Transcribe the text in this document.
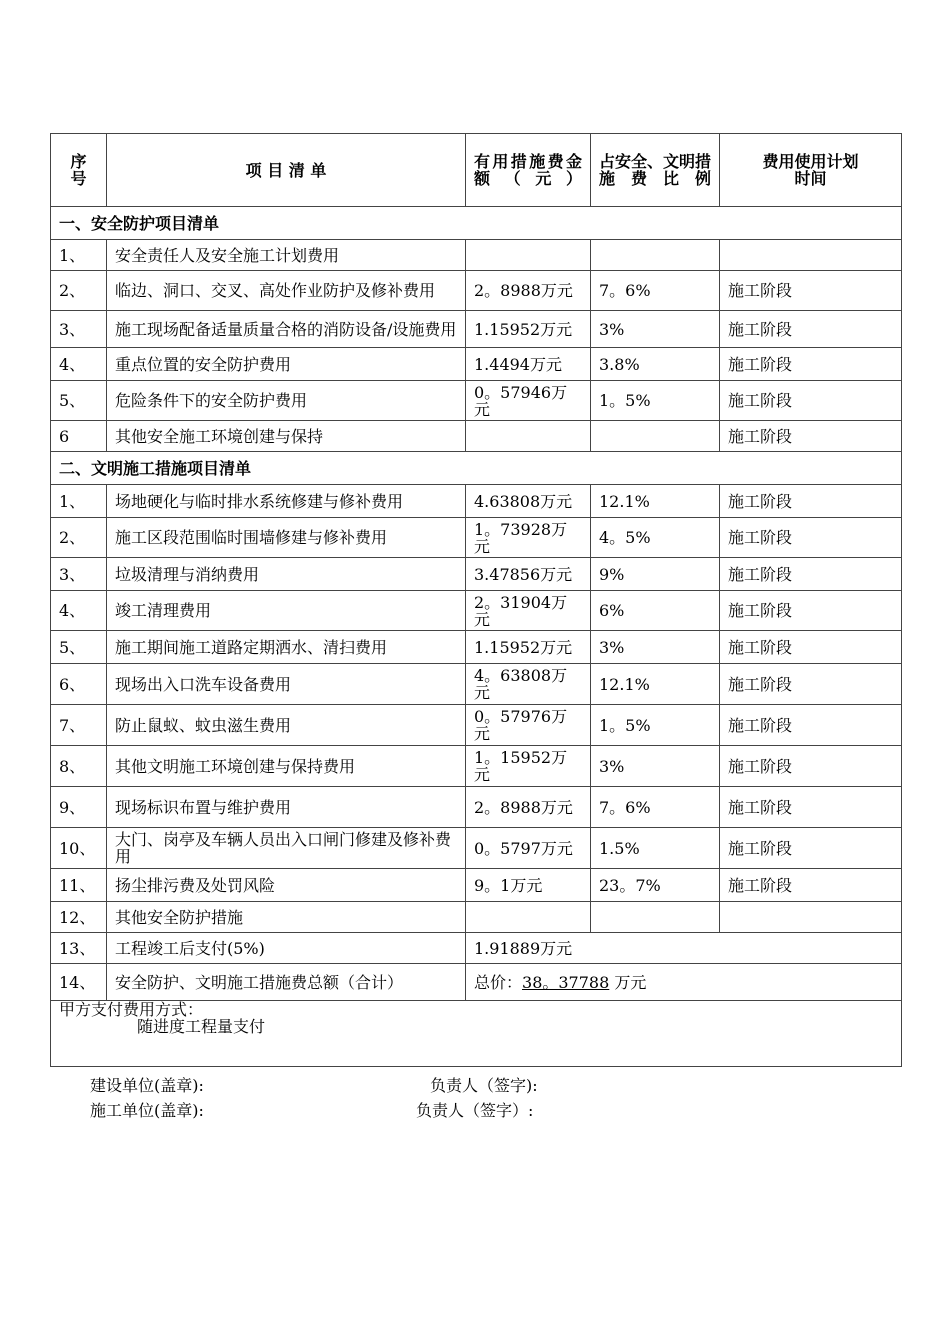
序号	项 目 清 单	有用措施费金额（元）	占安全、文明措施费比例	费用使用计划时间
一、安全防护项目清单				
1、	安全责任人及安全施工计划费用			
2、	临边、洞口、交叉、高处作业防护及修补费用	2。8988万元	7。6%	施工阶段
3、	施工现场配备适量质量合格的消防设备/设施费用	1.15952万元	3%	施工阶段
4、	重点位置的安全防护费用	1.4494万元	3.8%	施工阶段
5、	危险条件下的安全防护费用	0。57946万元	1。5%	施工阶段
6	其他安全施工环境创建与保持			施工阶段
二、文明施工措施项目清单				
1、	场地硬化与临时排水系统修建与修补费用	4.63808万元	12.1%	施工阶段
2、	施工区段范围临时围墙修建与修补费用	1。73928万元	4。5%	施工阶段
3、	垃圾清理与消纳费用	3.47856万元	9%	施工阶段
4、	竣工清理费用	2。31904万元	6%	施工阶段
5、	施工期间施工道路定期洒水、清扫费用	1.15952万元	3%	施工阶段
6、	现场出入口洗车设备费用	4。63808万元	12.1%	施工阶段
7、	防止鼠蚁、蚊虫滋生费用	0。57976万元	1。5%	施工阶段
8、	其他文明施工环境创建与保持费用	1。15952万元	3%	施工阶段
9、	现场标识布置与维护费用	2。8988万元	7。6%	施工阶段
10、	大门、岗亭及车辆人员出入口闸门修建及修补费用	0。5797万元	1.5%	施工阶段
11、	扬尘排污费及处罚风险	9。1万元	23。7%	施工阶段
12、	其他安全防护措施			
13、	工程竣工后支付(5%)	1.91889万元		
14、	安全防护、文明施工措施费总额（合计）	总价：38。37788 万元		

甲方支付费用方式：
随进度工程量支付				
建设单位(盖章):	负责人（签字):
施工单位(盖章):	负责人（签字）:
